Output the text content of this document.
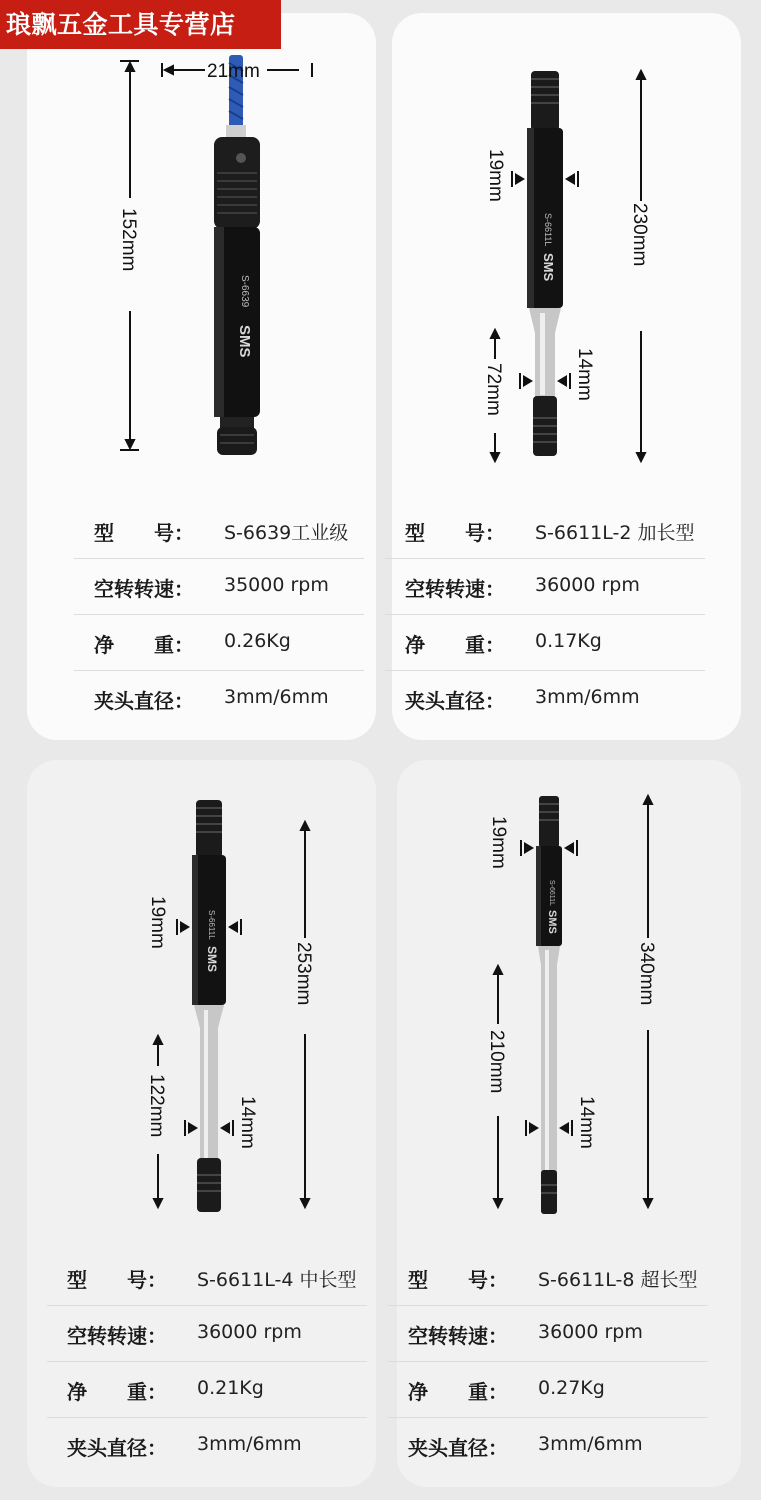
琅飘五金工具专营店
SMS
S-6639
21mm
152mm
型　　号： S-6639工业级
空转转速： 35000 rpm
净　　重： 0.26Kg
夹头直径： 3mm/6mm
SMS
S-6611L
19mm
230mm
14mm
72mm
型　　号： S-6611L-2 加长型
空转转速： 36000 rpm
净　　重： 0.17Kg
夹头直径： 3mm/6mm
SMS
S-6611L
19mm
253mm
14mm
122mm
型　　号： S-6611L-4 中长型
空转转速： 36000 rpm
净　　重： 0.21Kg
夹头直径： 3mm/6mm
SMS
S-6611L
19mm
340mm
14mm
210mm
型　　号： S-6611L-8 超长型
空转转速： 36000 rpm
净　　重： 0.27Kg
夹头直径： 3mm/6mm
